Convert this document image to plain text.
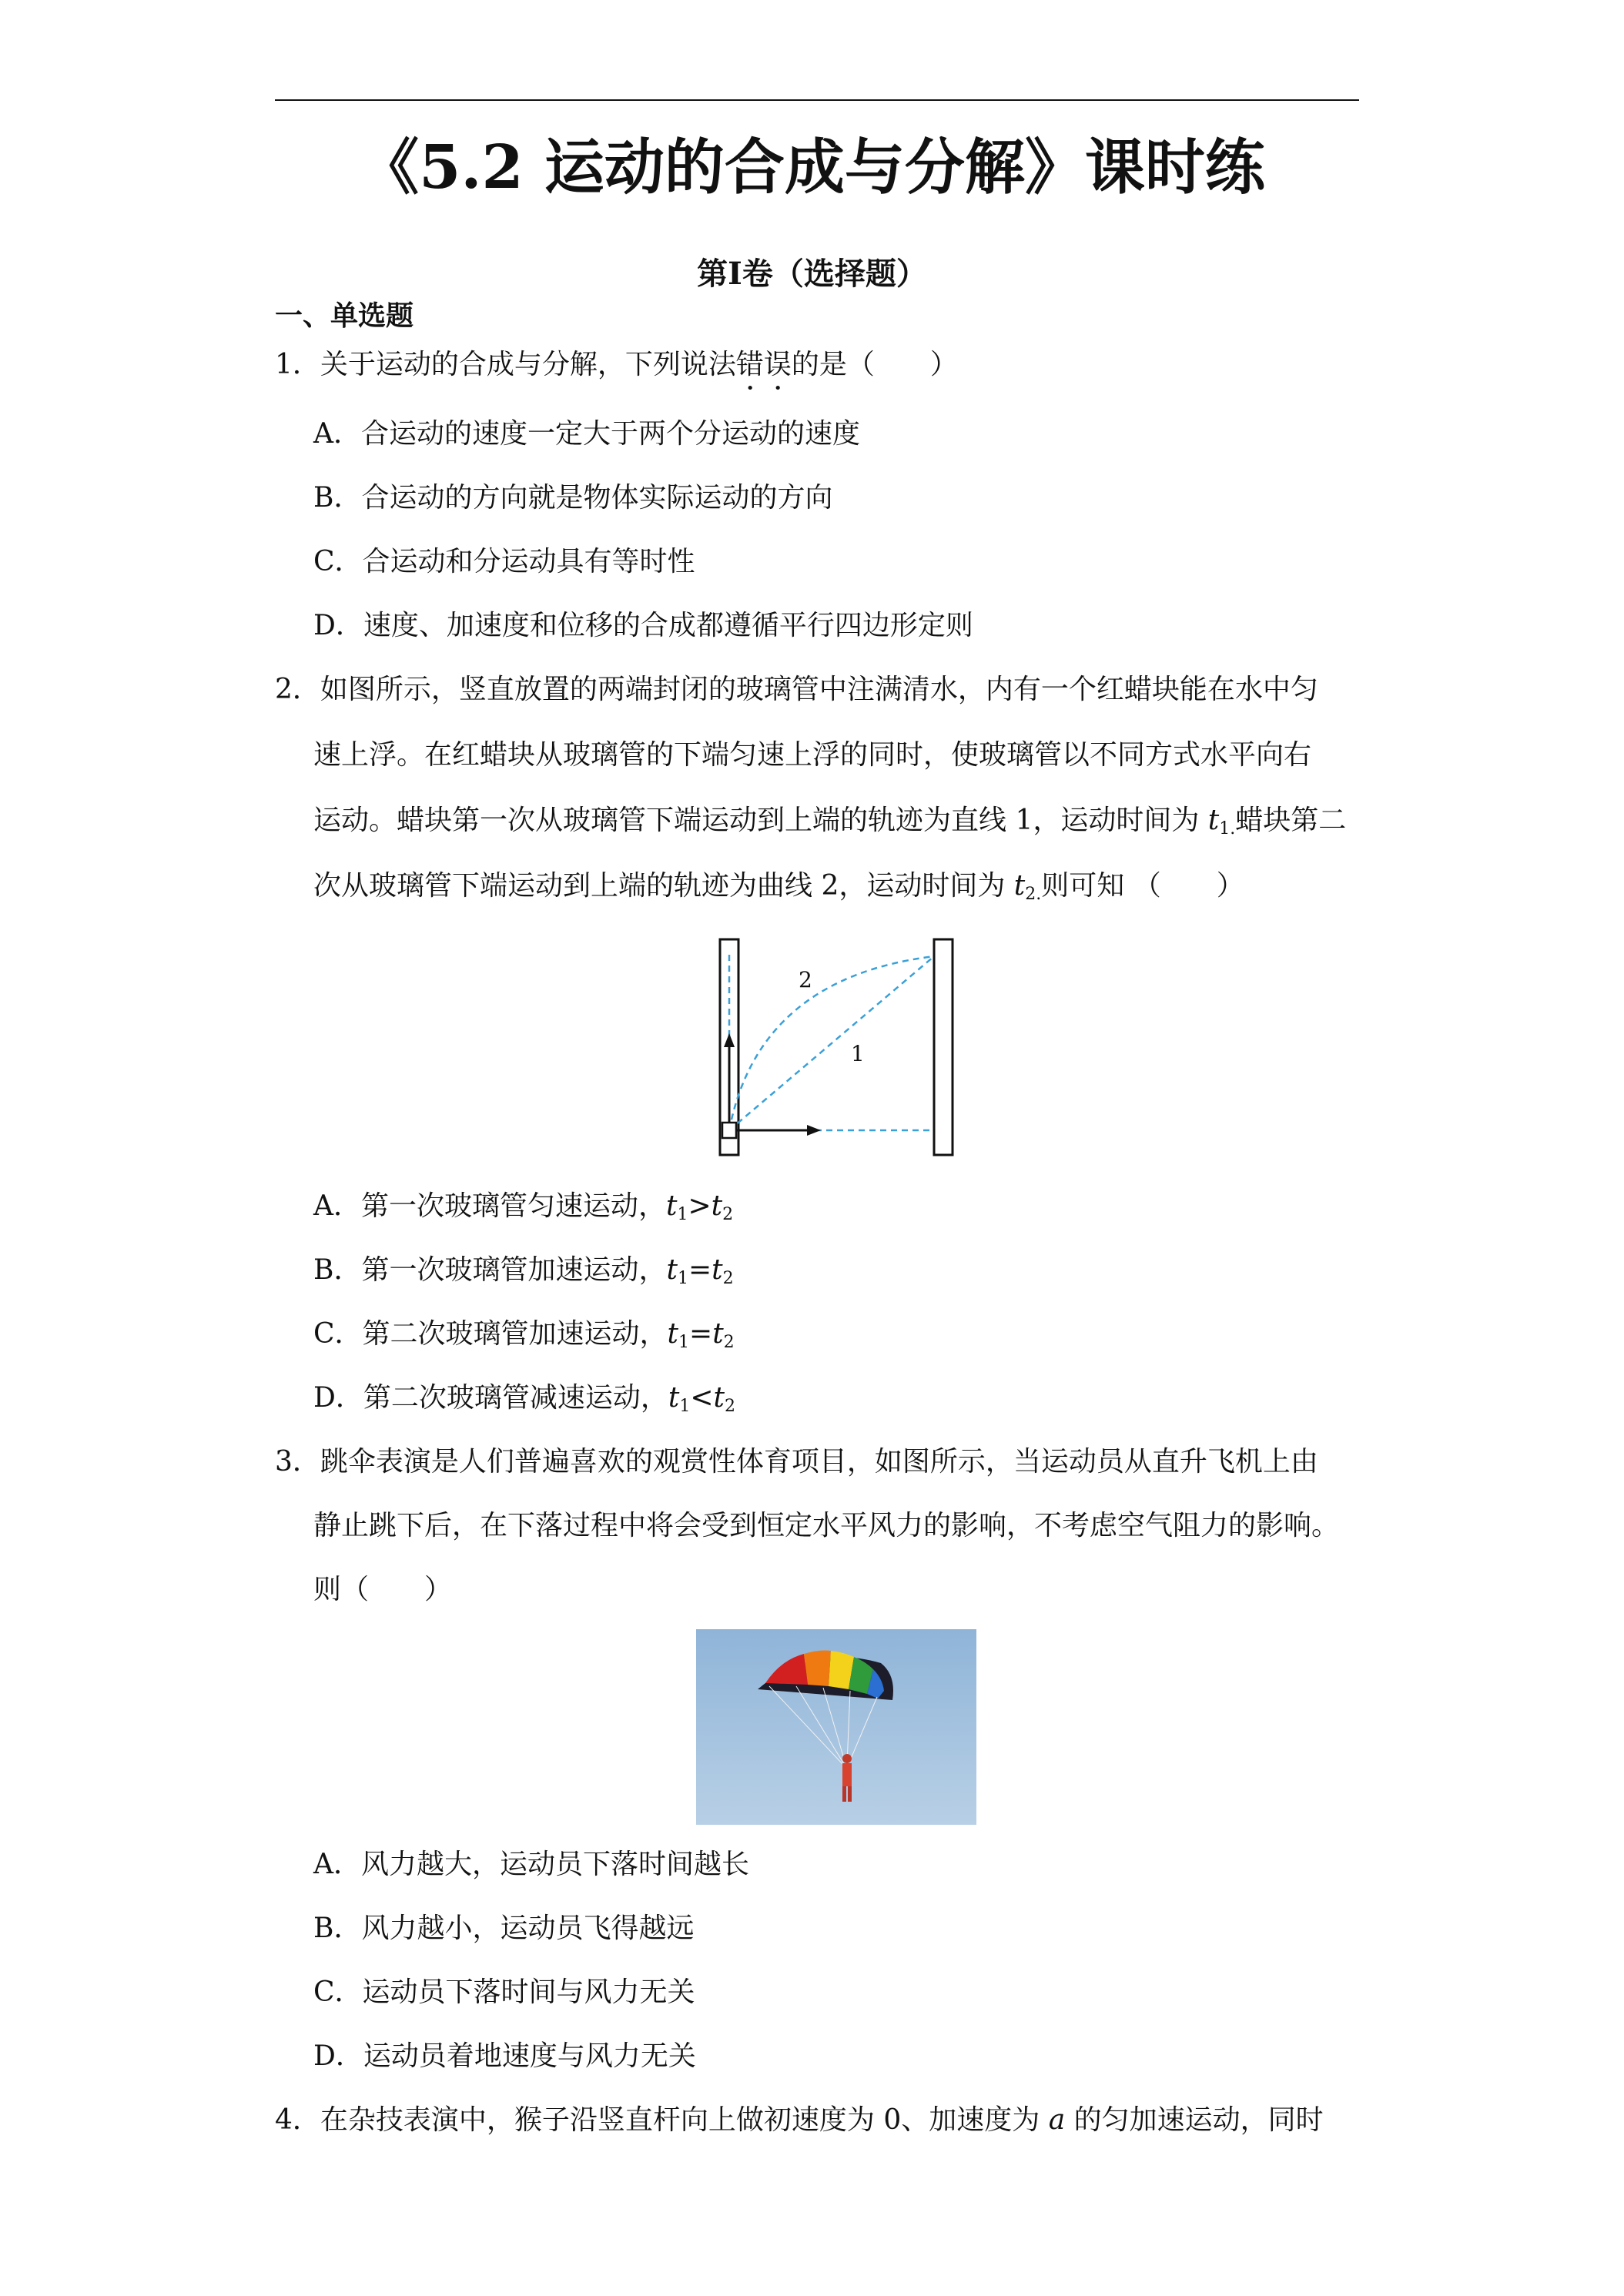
《5.2 运动的合成与分解》课时练
第Ⅰ卷（选择题）
一、单选题
1．关于运动的合成与分解，下列说法错误的是（　　）
A．合运动的速度一定大于两个分运动的速度
B．合运动的方向就是物体实际运动的方向
C．合运动和分运动具有等时性
D．速度、加速度和位移的合成都遵循平行四边形定则
2．如图所示，竖直放置的两端封闭的玻璃管中注满清水，内有一个红蜡块能在水中匀
速上浮。在红蜡块从玻璃管的下端匀速上浮的同时，使玻璃管以不同方式水平向右
运动。蜡块第一次从玻璃管下端运动到上端的轨迹为直线 1，运动时间为 $t_{1.}$蜡块第二
次从玻璃管下端运动到上端的轨迹为曲线 2，运动时间为 $t_{2.}$则可知 （　　）
2
1
A．第一次玻璃管匀速运动，$t_1>t_2$
B．第一次玻璃管加速运动，$t_1=t_2$
C．第二次玻璃管加速运动，$t_1=t_2$
D．第二次玻璃管减速运动，$t_1<t_2$
3．跳伞表演是人们普遍喜欢的观赏性体育项目，如图所示，当运动员从直升飞机上由
静止跳下后，在下落过程中将会受到恒定水平风力的影响，不考虑空气阻力的影响。
则（　　）
A．风力越大，运动员下落时间越长
B．风力越小，运动员飞得越远
C．运动员下落时间与风力无关
D．运动员着地速度与风力无关
4．在杂技表演中，猴子沿竖直杆向上做初速度为 0、加速度为 a 的匀加速运动，同时
